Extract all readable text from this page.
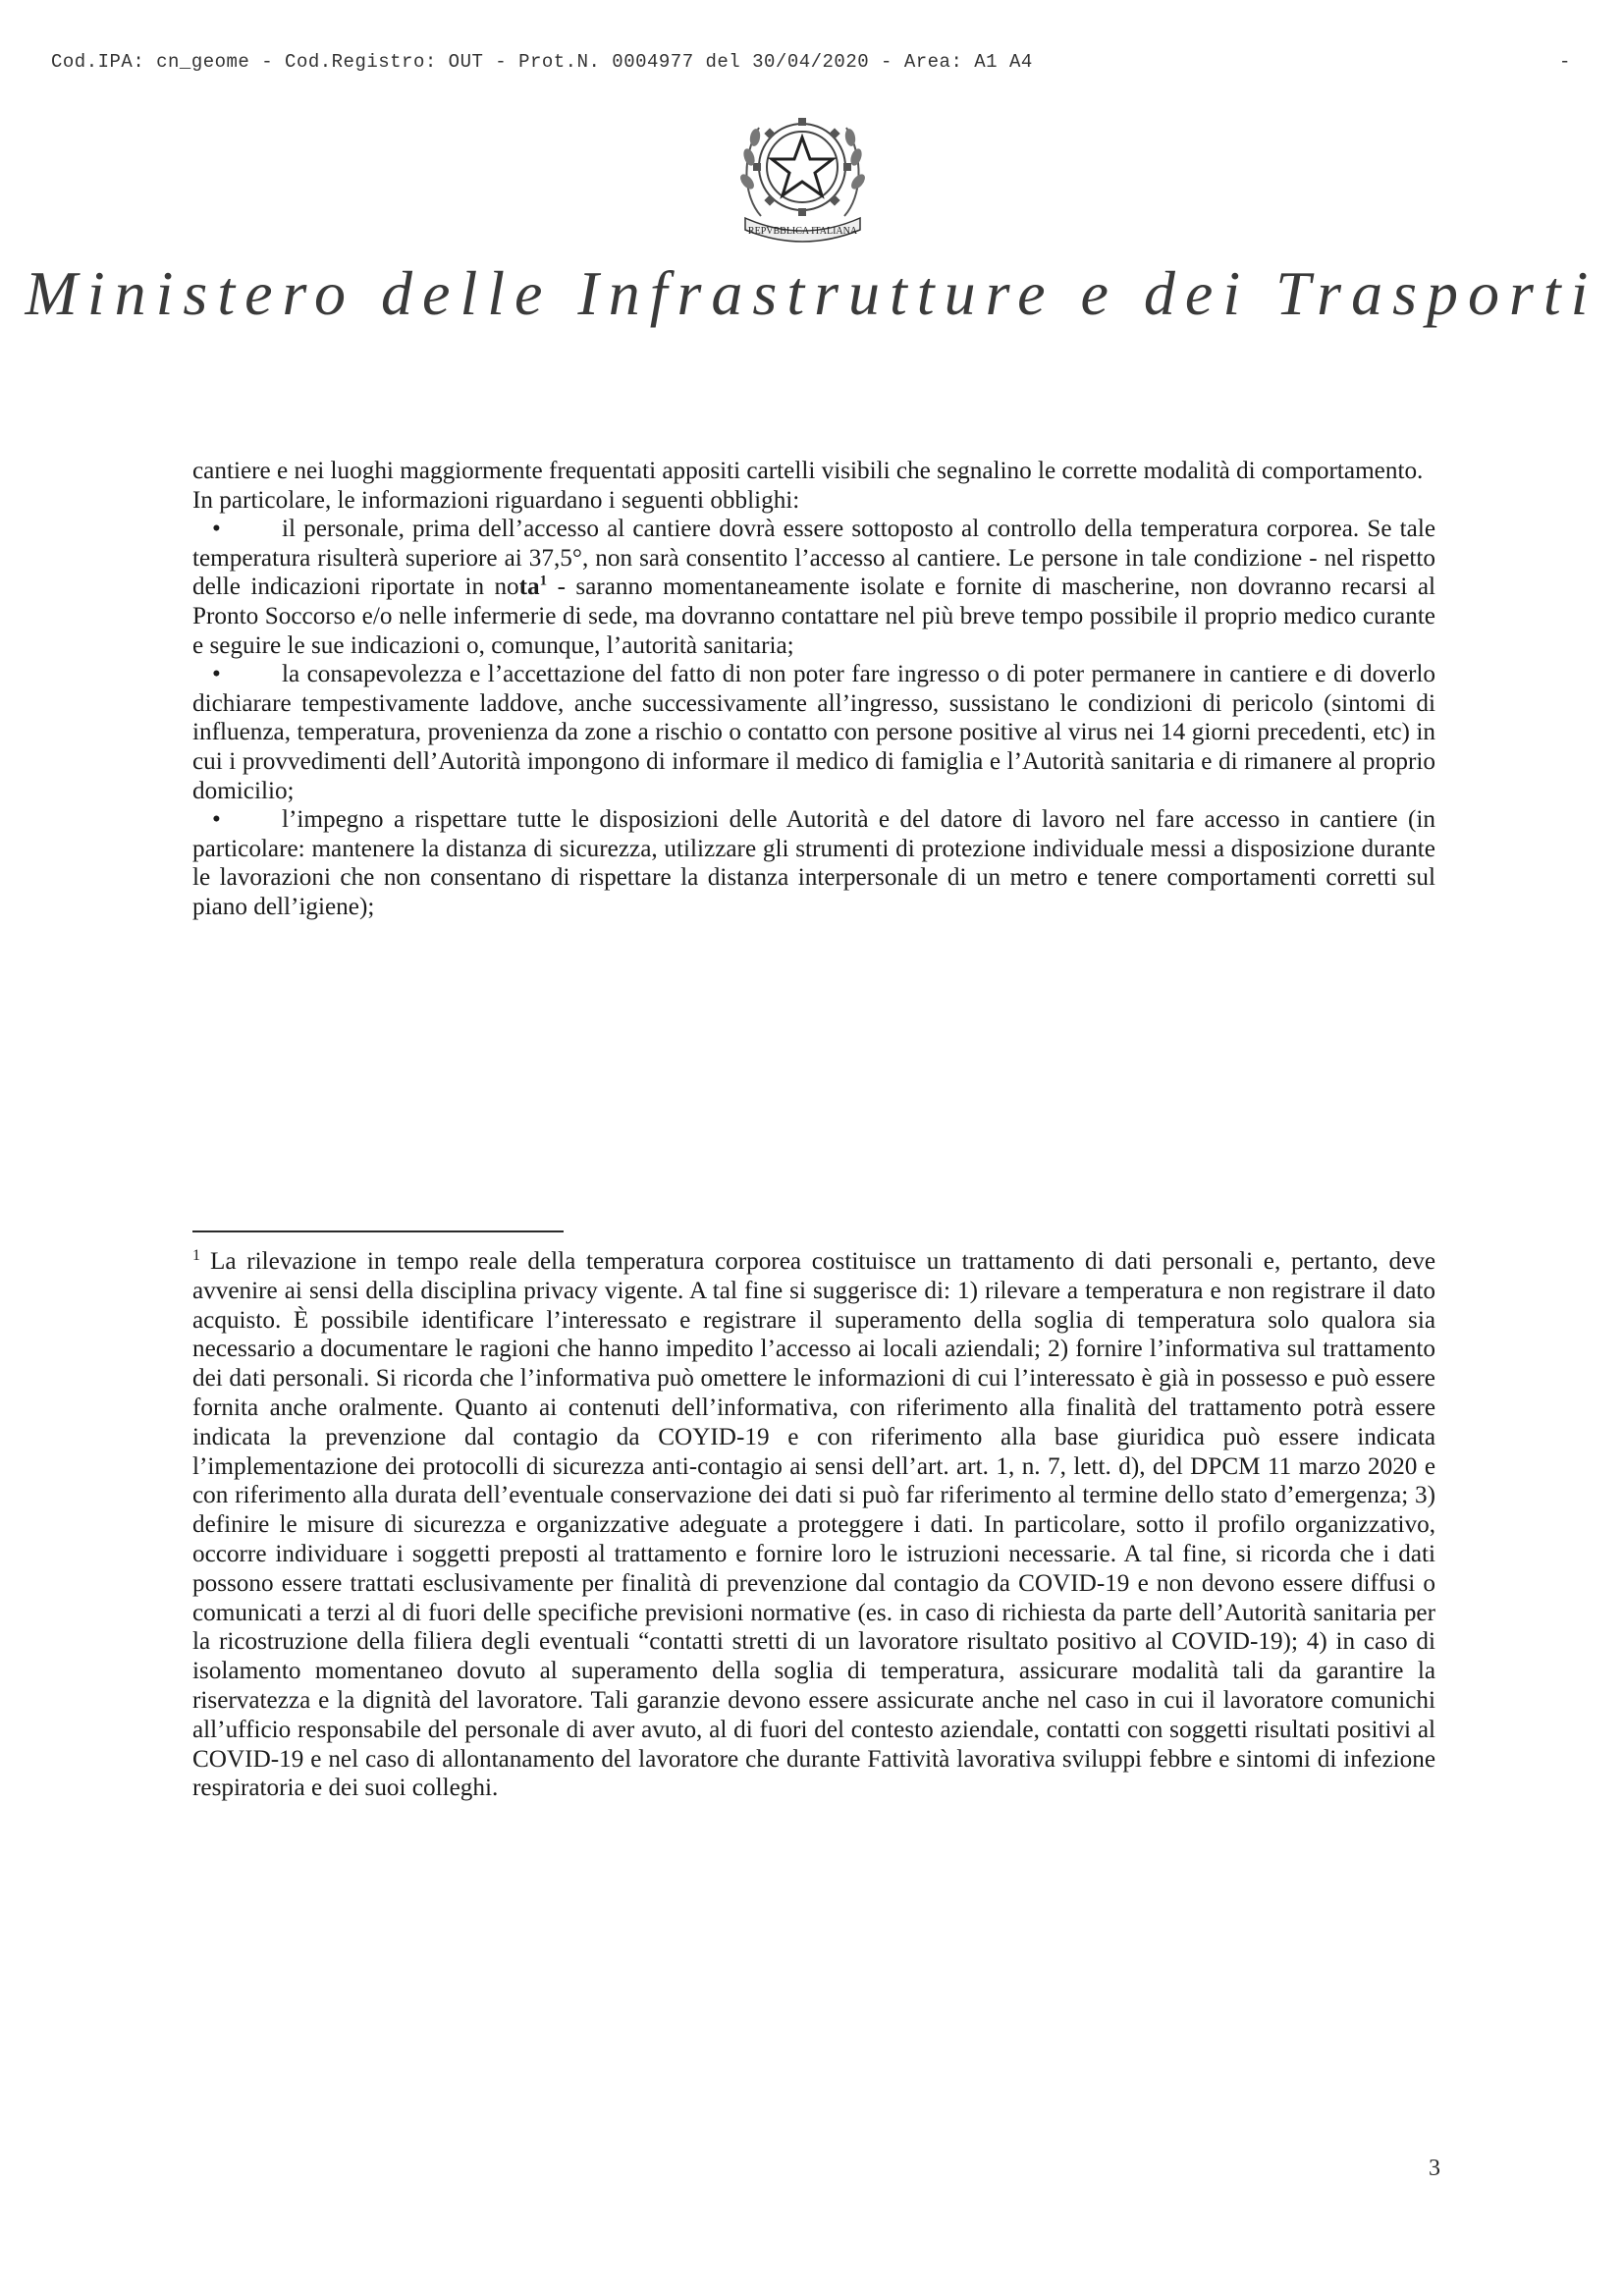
Cod.IPA: cn_geome - Cod.Registro: OUT - Prot.N. 0004977 del 30/04/2020 - Area: A1 A4	-
REPVBBLICA ITALIANA
Ministero delle Infrastrutture e dei Trasporti

cantiere e nei luoghi maggiormente frequentati appositi cartelli visibili che segnalino le corrette modalità di comportamento.

In particolare, le informazioni riguardano i seguenti obblighi:

• il personale, prima dell’accesso al cantiere dovrà essere sottoposto al controllo della temperatura corporea. Se tale temperatura risulterà superiore ai 37,5°, non sarà consentito l’accesso al cantiere. Le persone in tale condizione - nel rispetto delle indicazioni riportate in nota$^1$ - saranno momentaneamente isolate e fornite di mascherine, non dovranno recarsi al Pronto Soccorso e/o nelle infermerie di sede, ma dovranno contattare nel più breve tempo possibile il proprio medico curante e seguire le sue indicazioni o, comunque, l’autorità sanitaria;

• la consapevolezza e l’accettazione del fatto di non poter fare ingresso o di poter permanere in cantiere e di doverlo dichiarare tempestivamente laddove, anche successivamente all’ingresso, sussistano le condizioni di pericolo (sintomi di influenza, temperatura, provenienza da zone a rischio o contatto con persone positive al virus nei 14 giorni precedenti, etc) in cui i provvedimenti dell’Autorità impongono di informare il medico di famiglia e l’Autorità sanitaria e di rimanere al proprio domicilio;

• l’impegno a rispettare tutte le disposizioni delle Autorità e del datore di lavoro nel fare accesso in cantiere (in particolare: mantenere la distanza di sicurezza, utilizzare gli strumenti di protezione individuale messi a disposizione durante le lavorazioni che non consentano di rispettare la distanza interpersonale di un metro e tenere comportamenti corretti sul piano dell’igiene);

$^1$ La rilevazione in tempo reale della temperatura corporea costituisce un trattamento di dati personali e, pertanto, deve avvenire ai sensi della disciplina privacy vigente. A tal fine si suggerisce di: 1) rilevare a temperatura e non registrare il dato acquisto. È possibile identificare l’interessato e registrare il superamento della soglia di temperatura solo qualora sia necessario a documentare le ragioni che hanno impedito l’accesso ai locali aziendali; 2) fornire l’informativa sul trattamento dei dati personali. Si ricorda che l’informativa può omettere le informazioni di cui l’interessato è già in possesso e può essere fornita anche oralmente. Quanto ai contenuti dell’informativa, con riferimento alla finalità del trattamento potrà essere indicata la prevenzione dal contagio da COYID-19 e con riferimento alla base giuridica può essere indicata l’implementazione dei protocolli di sicurezza anti-contagio ai sensi dell’art. art. 1, n. 7, lett. d), del DPCM 11 marzo 2020 e con riferimento alla durata dell’eventuale conservazione dei dati si può far riferimento al termine dello stato d’emergenza; 3) definire le misure di sicurezza e organizzative adeguate a proteggere i dati. In particolare, sotto il profilo organizzativo, occorre individuare i soggetti preposti al trattamento e fornire loro le istruzioni necessarie. A tal fine, si ricorda che i dati possono essere trattati esclusivamente per finalità di prevenzione dal contagio da COVID-19 e non devono essere diffusi o comunicati a terzi al di fuori delle specifiche previsioni normative (es. in caso di richiesta da parte dell’Autorità sanitaria per la ricostruzione della filiera degli eventuali “contatti stretti di un lavoratore risultato positivo al COVID-19); 4) in caso di isolamento momentaneo dovuto al superamento della soglia di temperatura, assicurare modalità tali da garantire la riservatezza e la dignità del lavoratore. Tali garanzie devono essere assicurate anche nel caso in cui il lavoratore comunichi all’ufficio responsabile del personale di aver avuto, al di fuori del contesto aziendale, contatti con soggetti risultati positivi al COVID-19 e nel caso di allontanamento del lavoratore che durante Fattività lavorativa sviluppi febbre e sintomi di infezione respiratoria e dei suoi colleghi.

3
